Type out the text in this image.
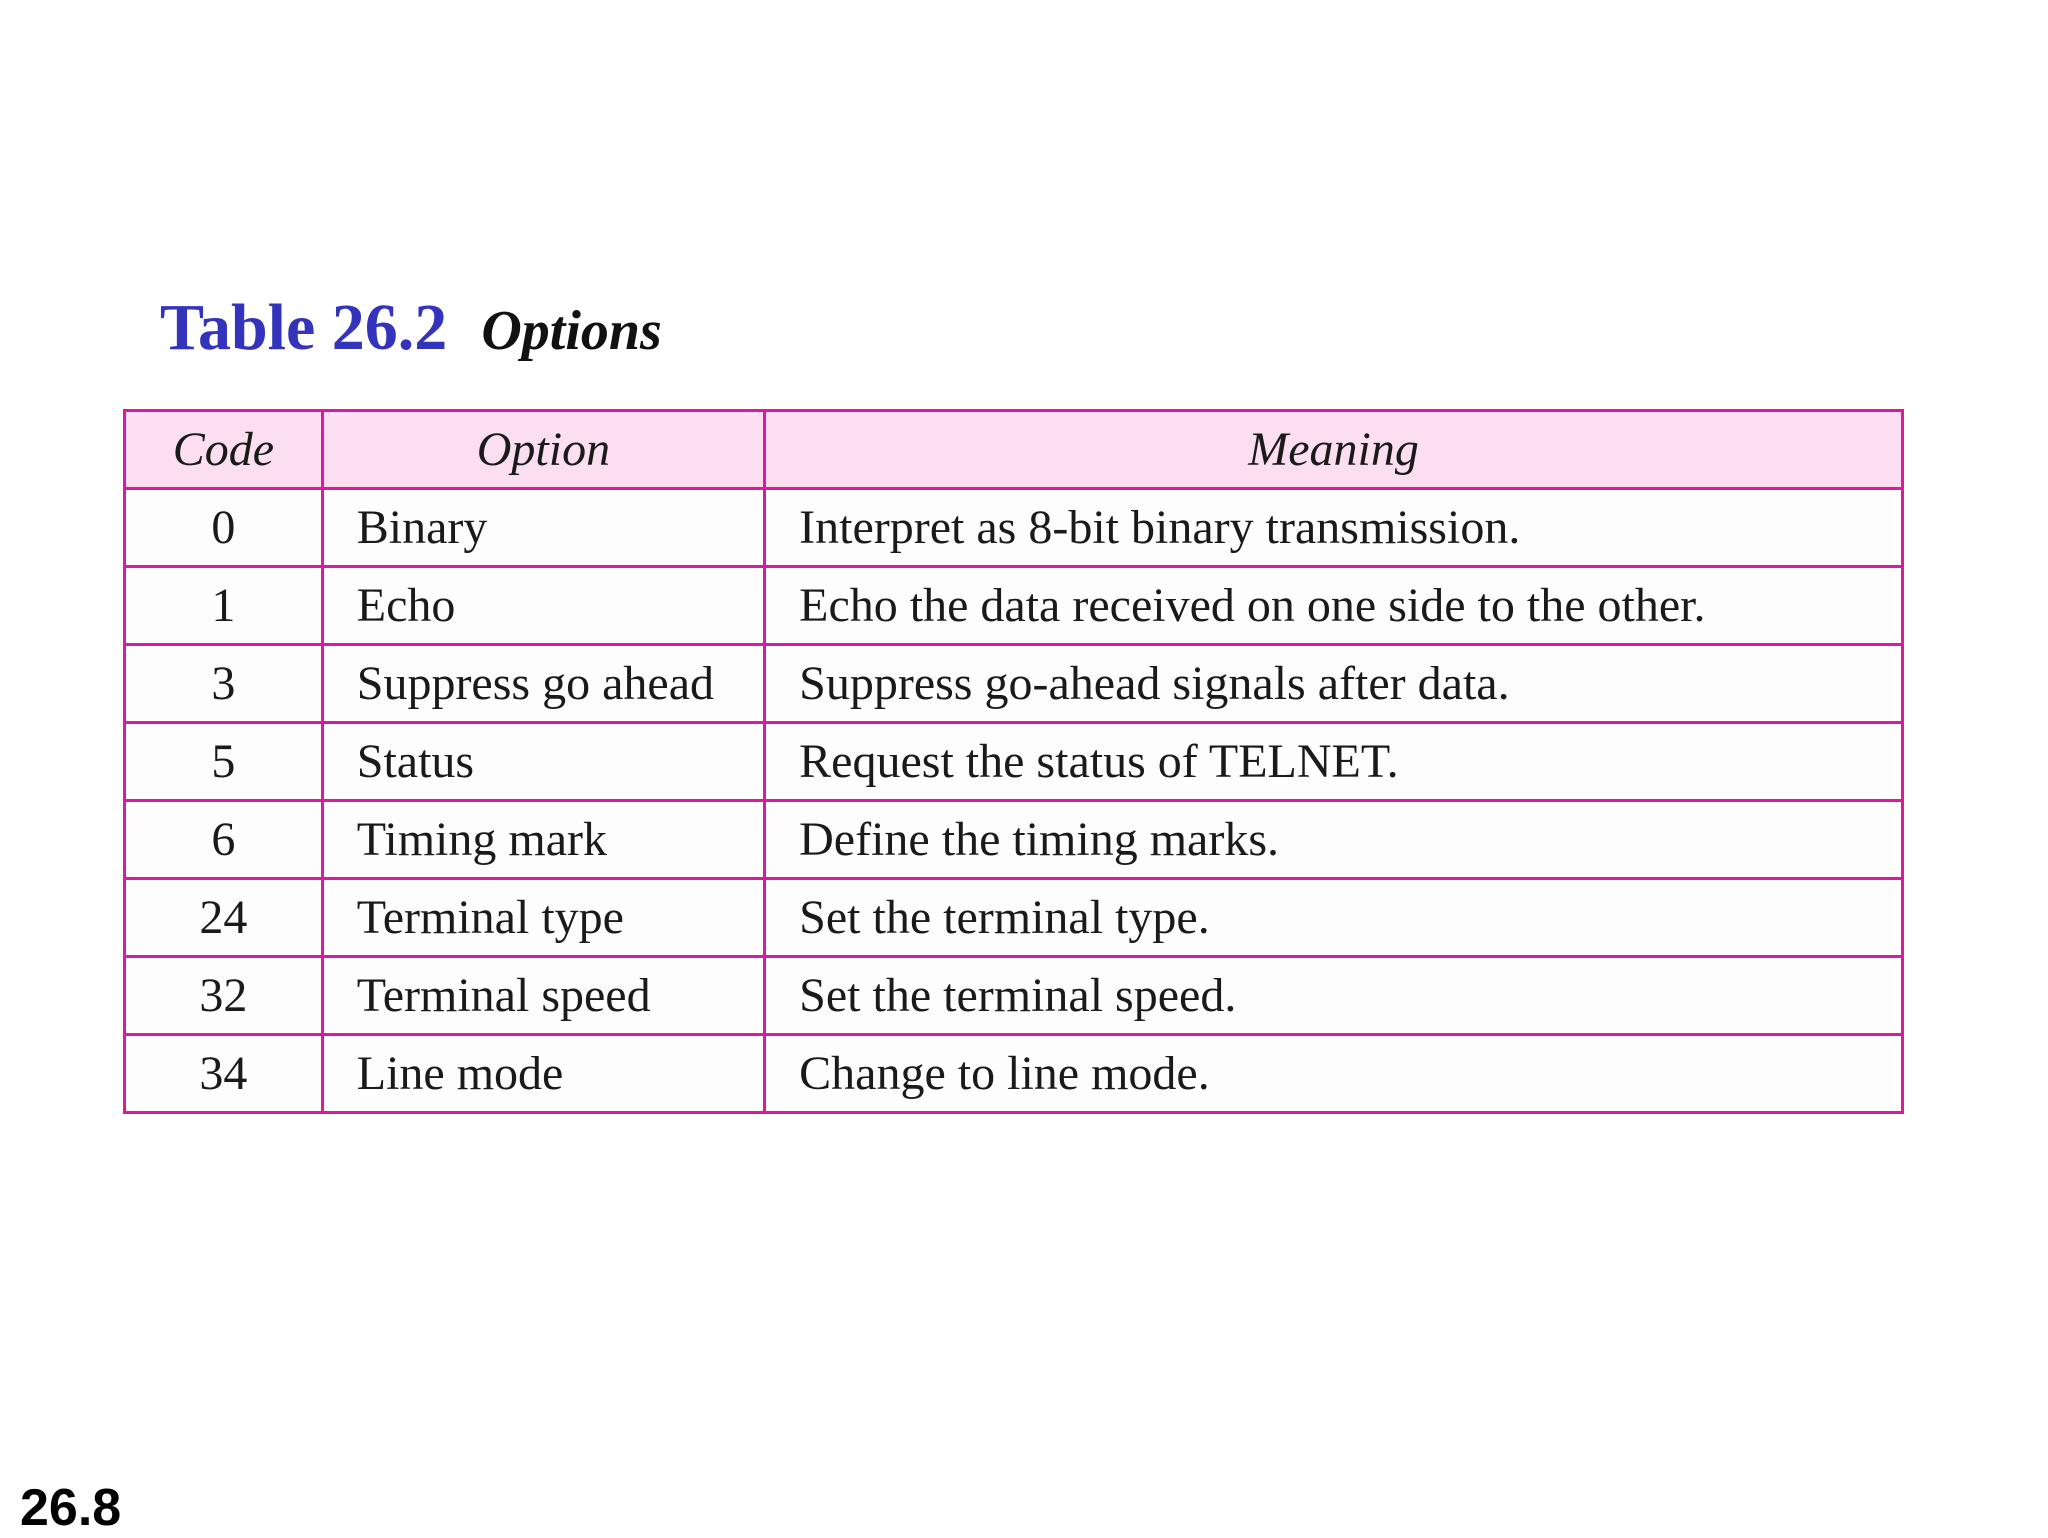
Table 26.2 Options
Code	Option	Meaning
0	Binary	Interpret as 8-bit binary transmission.
1	Echo	Echo the data received on one side to the other.
3	Suppress go ahead	Suppress go-ahead signals after data.
5	Status	Request the status of TELNET.
6	Timing mark	Define the timing marks.
24	Terminal type	Set the terminal type.
32	Terminal speed	Set the terminal speed.
34	Line mode	Change to line mode.
26.8
